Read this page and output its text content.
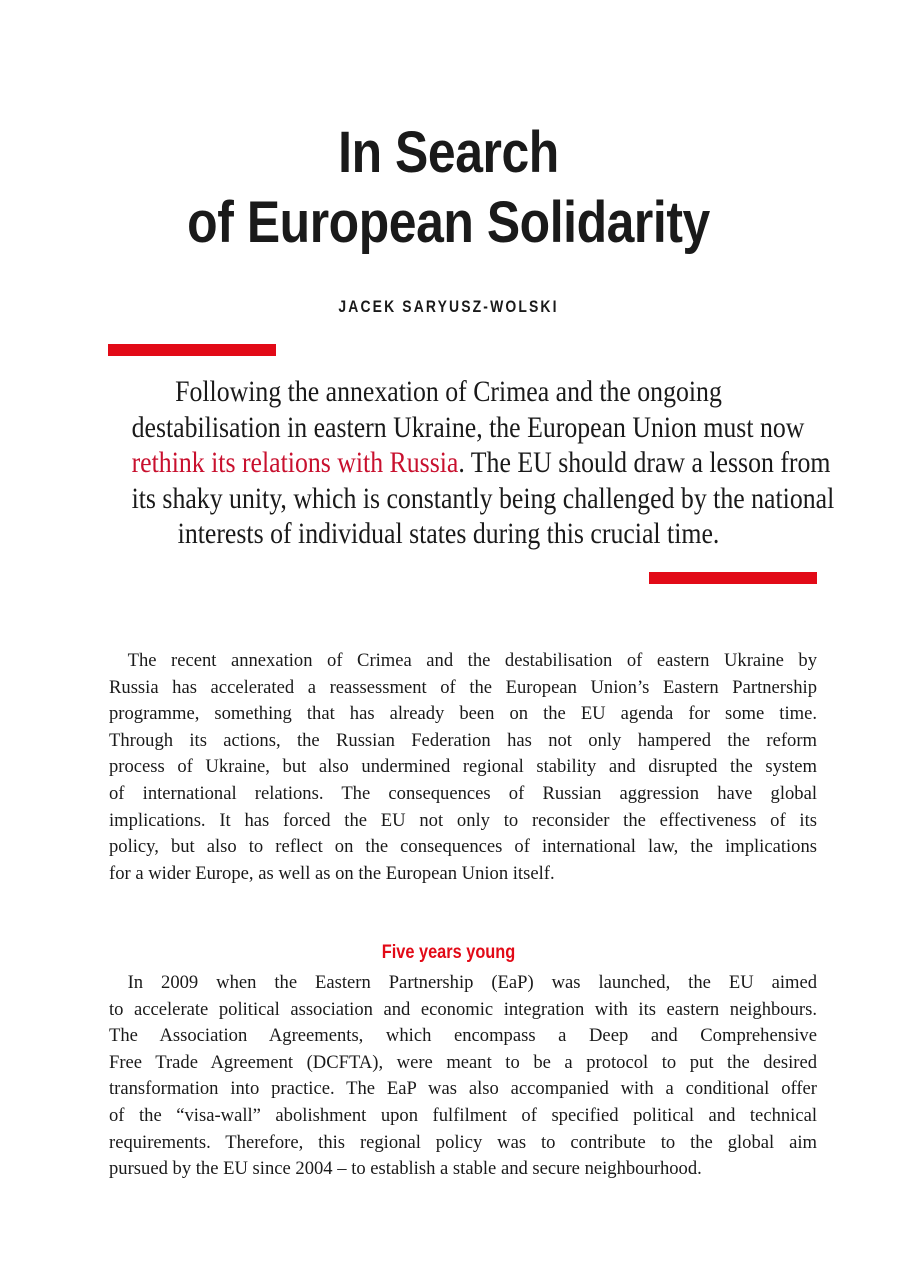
In Search
of European Solidarity
JACEK SARYUSZ-WOLSKI

Following the annexation of Crimea and the ongoing
destabilisation in eastern Ukraine, the European Union must now
rethink its relations with Russia. The EU should draw a lesson from
its shaky unity, which is constantly being challenged by the national
interests of individual states during this crucial time.

 The recent annexation of Crimea and the destabilisation of eastern Ukraine by
Russia has accelerated a reassessment of the European Union’s Eastern Partnership
programme, something that has already been on the EU agenda for some time.
Through its actions, the Russian Federation has not only hampered the reform
process of Ukraine, but also undermined regional stability and disrupted the system
of international relations. The consequences of Russian aggression have global
implications. It has forced the EU not only to reconsider the effectiveness of its
policy, but also to reflect on the consequences of international law, the implications
for a wider Europe, as well as on the European Union itself.

Five years young

 In 2009 when the Eastern Partnership (EaP) was launched, the EU aimed
to accelerate political association and economic integration with its eastern neighbours.
The Association Agreements, which encompass a Deep and Comprehensive
Free Trade Agreement (DCFTA), were meant to be a protocol to put the desired
transformation into practice. The EaP was also accompanied with a conditional offer
of the “visa-wall” abolishment upon fulfilment of specified political and technical
requirements. Therefore, this regional policy was to contribute to the global aim
pursued by the EU since 2004 – to establish a stable and secure neighbourhood.
